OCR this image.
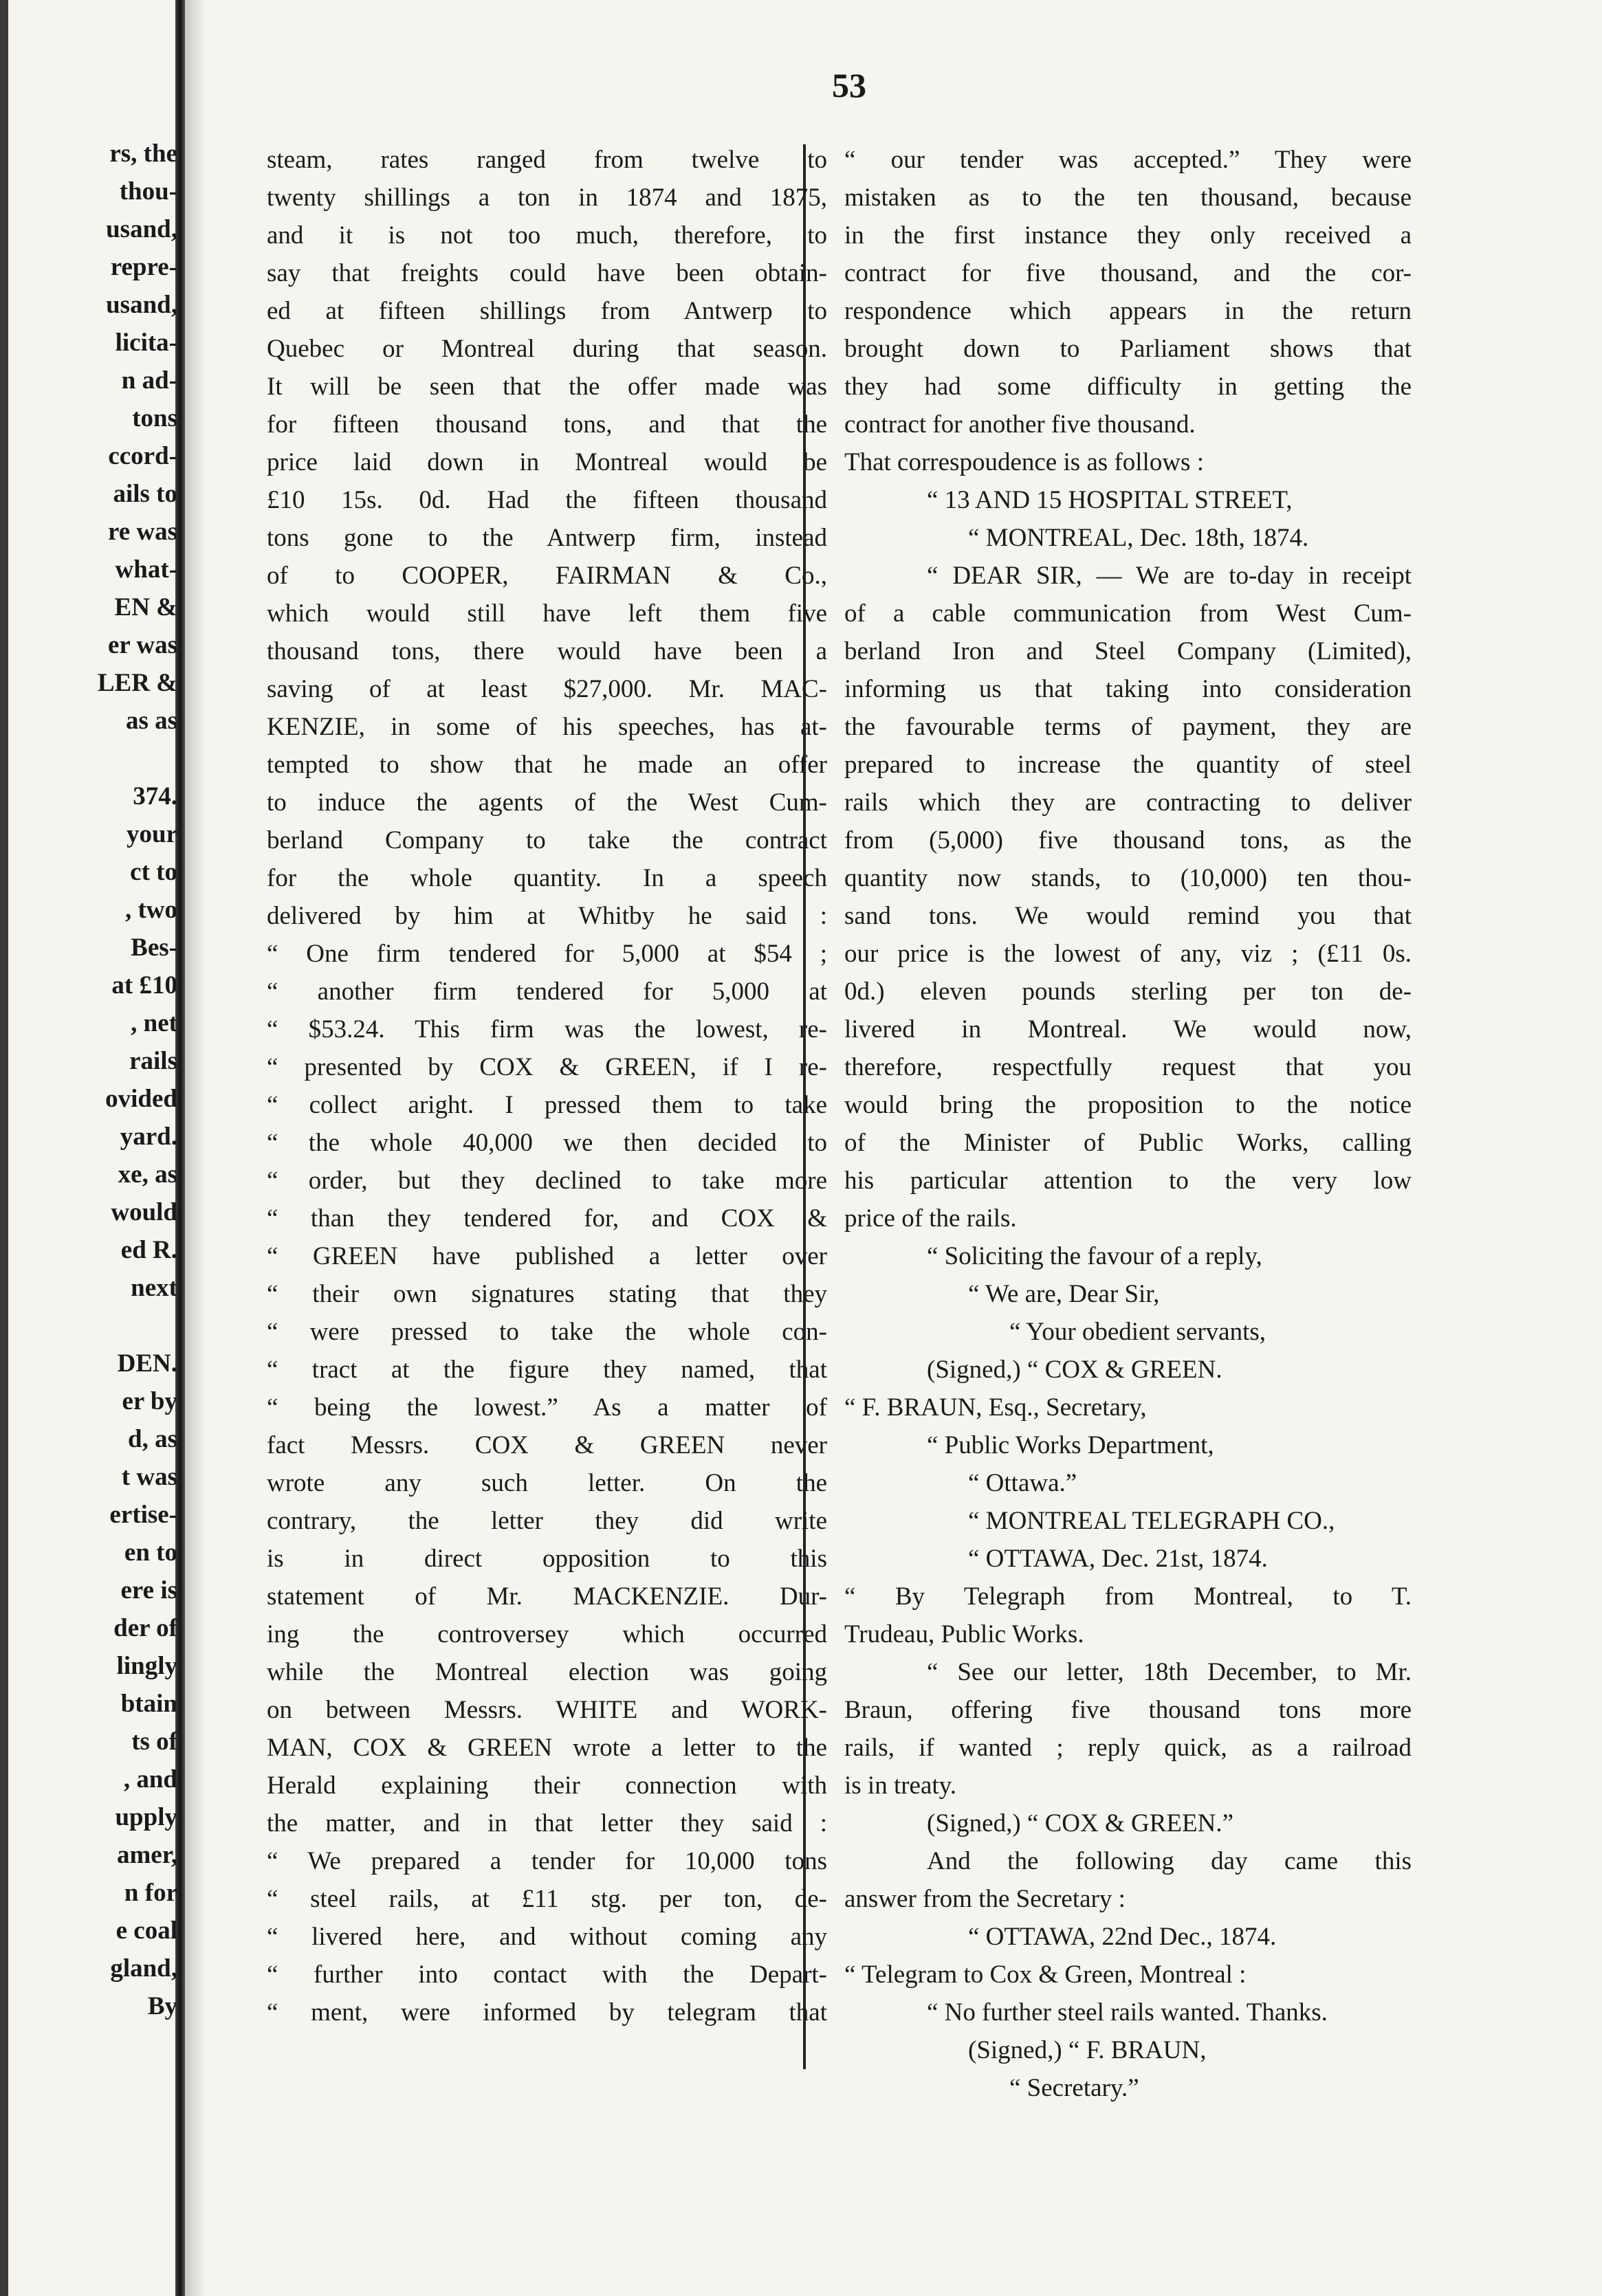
53
rs, the
thou-
usand,
repre-
usand,
licita-
n ad-
tons
ccord-
ails to
re was
what-
EN &
er was
LER &
as as
374.
your
ct to
, two
Bes-
at £10
, net
rails
ovided
yard.
xe, as
would
ed R.
next
DEN.
er by
d, as
t was
ertise-
en to
ere is
der of
lingly
btain
ts of
, and
upply
amer,
n for
e coal
gland,
By
steam, rates ranged from twelve to
twenty shillings a ton in 1874 and 1875,
and it is not too much, therefore, to
say that freights could have been obtain-
ed at fifteen shillings from Antwerp to
Quebec or Montreal during that season.
It will be seen that the offer made was
for fifteen thousand tons, and that the
price laid down in Montreal would be
£10 15s. 0d. Had the fifteen thousand
tons gone to the Antwerp firm, instead
of to COOPER, FAIRMAN & Co.,
which would still have left them five
thousand tons, there would have been a
saving of at least $27,000. Mr. MAC-
KENZIE, in some of his speeches, has at-
tempted to show that he made an offer
to induce the agents of the West Cum-
berland Company to take the contract
for the whole quantity. In a speech
delivered by him at Whitby he said :
“ One firm tendered for 5,000 at $54 ;
“ another firm tendered for 5,000 at
“ $53.24. This firm was the lowest, re-
“ presented by COX & GREEN, if I re-
“ collect aright. I pressed them to take
“ the whole 40,000 we then decided to
“ order, but they declined to take more
“ than they tendered for, and COX &
“ GREEN have published a letter over
“ their own signatures stating that they
“ were pressed to take the whole con-
“ tract at the figure they named, that
“ being the lowest.” As a matter of
fact Messrs. COX & GREEN never
wrote any such letter. On the
contrary, the letter they did write
is in direct opposition to this
statement of Mr. MACKENZIE. Dur-
ing the controversey which occurred
while the Montreal election was going
on between Messrs. WHITE and WORK-
MAN, COX & GREEN wrote a letter to the
Herald explaining their connection with
the matter, and in that letter they said :
“ We prepared a tender for 10,000 tons
“ steel rails, at £11 stg. per ton, de-
“ livered here, and without coming any
“ further into contact with the Depart-
“ ment, were informed by telegram that
“ our tender was accepted.” They were
mistaken as to the ten thousand, because
in the first instance they only received a
contract for five thousand, and the cor-
respondence which appears in the return
brought down to Parliament shows that
they had some difficulty in getting the
contract for another five thousand.
That correspoudence is as follows :
“ 13 AND 15 HOSPITAL STREET,
“ MONTREAL, Dec. 18th, 1874.
“ DEAR SIR, — We are to-day in receipt
of a cable communication from West Cum-
berland Iron and Steel Company (Limited),
informing us that taking into consideration
the favourable terms of payment, they are
prepared to increase the quantity of steel
rails which they are contracting to deliver
from (5,000) five thousand tons, as the
quantity now stands, to (10,000) ten thou-
sand tons. We would remind you that
our price is the lowest of any, viz ; (£11 0s.
0d.) eleven pounds sterling per ton de-
livered in Montreal. We would now,
therefore, respectfully request that you
would bring the proposition to the notice
of the Minister of Public Works, calling
his particular attention to the very low
price of the rails.
“ Soliciting the favour of a reply,
“ We are, Dear Sir,
“ Your obedient servants,
(Signed,) “ COX & GREEN.
“ F. BRAUN, Esq., Secretary,
“ Public Works Department,
“ Ottawa.”
“ MONTREAL TELEGRAPH CO.,
“ OTTAWA, Dec. 21st, 1874.
“ By Telegraph from Montreal, to T.
Trudeau, Public Works.
“ See our letter, 18th December, to Mr.
Braun, offering five thousand tons more
rails, if wanted ; reply quick, as a railroad
is in treaty.
(Signed,) “ COX & GREEN.”
And the following day came this
answer from the Secretary :
“ OTTAWA, 22nd Dec., 1874.
“ Telegram to Cox & Green, Montreal :
“ No further steel rails wanted. Thanks.
(Signed,) “ F. BRAUN,
“ Secretary.”
